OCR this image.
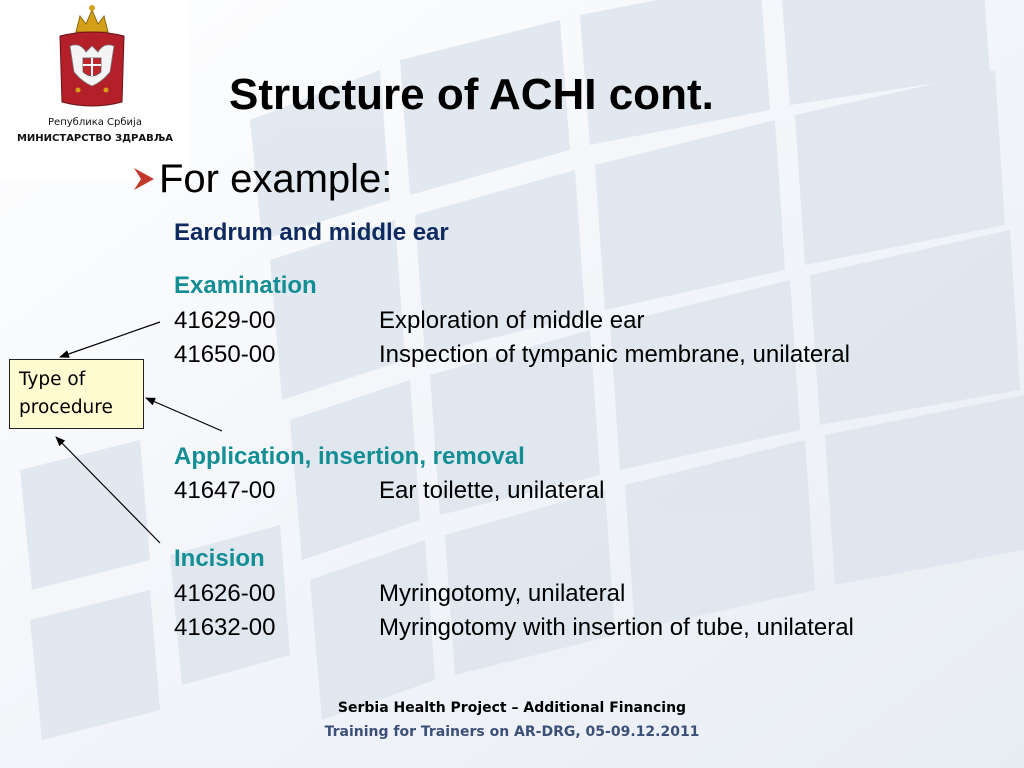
Република Србија
МИНИСТАРСТВО ЗДРАВЉА
Structure of ACHI cont.
For example:
Eardrum and middle ear
Examination
41629-00	Exploration of middle ear
41650-00	Inspection of tympanic membrane, unilateral
Application, insertion, removal
41647-00	Ear toilette, unilateral
Incision
41626-00	Myringotomy, unilateral
41632-00	Myringotomy with insertion of tube, unilateral
Type of
procedure
Serbia Health Project – Additional Financing
Training for Trainers on AR-DRG, 05-09.12.2011
